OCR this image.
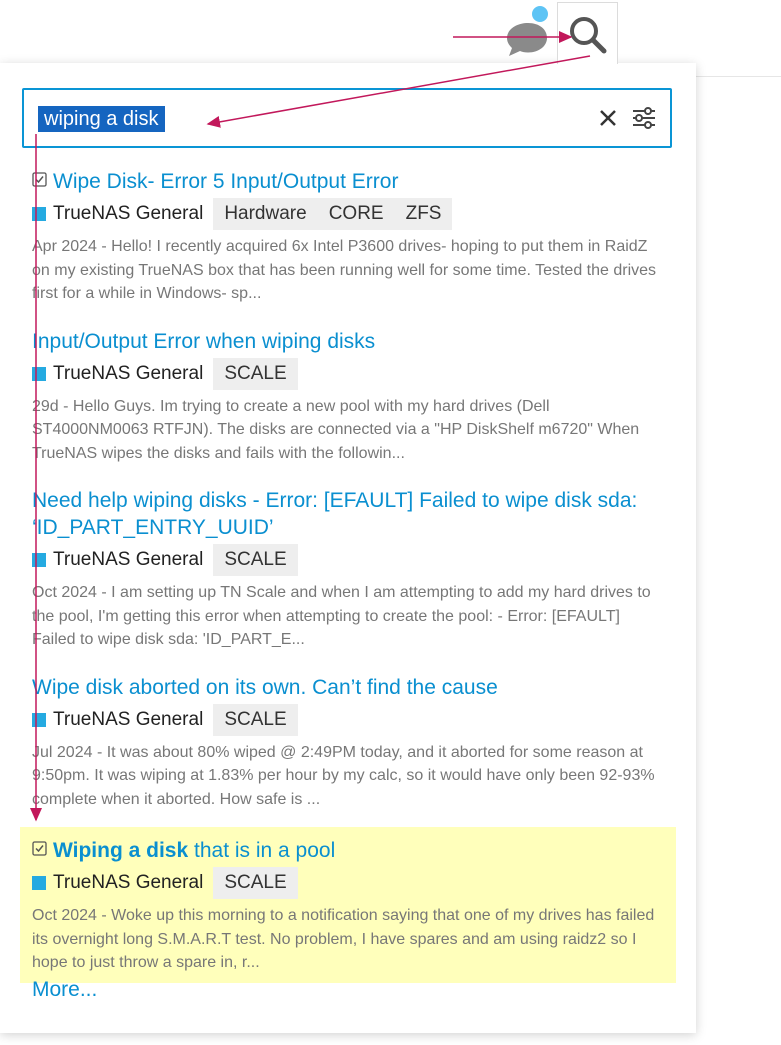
wiping a disk
Wipe Disk- Error 5 Input/Output Error
TrueNAS General	Hardware	CORE	ZFS
Apr 2024 - Hello! I recently acquired 6x Intel P3600 drives- hoping to put them in RaidZ on my existing TrueNAS box that has been running well for some time. Tested the drives first for a while in Windows- sp...
Input/Output Error when wiping disks
TrueNAS General	SCALE
29d - Hello Guys. Im trying to create a new pool with my hard drives (Dell ST4000NM0063 RTFJN). The disks are connected via a "HP DiskShelf m6720" When TrueNAS wipes the disks and fails with the followin...
Need help wiping disks - Error: [EFAULT] Failed to wipe disk sda: ‘ID_PART_ENTRY_UUID’
TrueNAS General	SCALE
Oct 2024 - I am setting up TN Scale and when I am attempting to add my hard drives to the pool, I'm getting this error when attempting to create the pool: - Error: [EFAULT] Failed to wipe disk sda: 'ID_PART_E...
Wipe disk aborted on its own. Can’t find the cause
TrueNAS General	SCALE
Jul 2024 - It was about 80% wiped @ 2:49PM today, and it aborted for some reason at 9:50pm. It was wiping at 1.83% per hour by my calc, so it would have only been 92-93% complete when it aborted. How safe is ...
Wiping a disk that is in a pool
TrueNAS General	SCALE
Oct 2024 - Woke up this morning to a notification saying that one of my drives has failed its overnight long S.M.A.R.T test. No problem, I have spares and am using raidz2 so I hope to just throw a spare in, r...
More...
